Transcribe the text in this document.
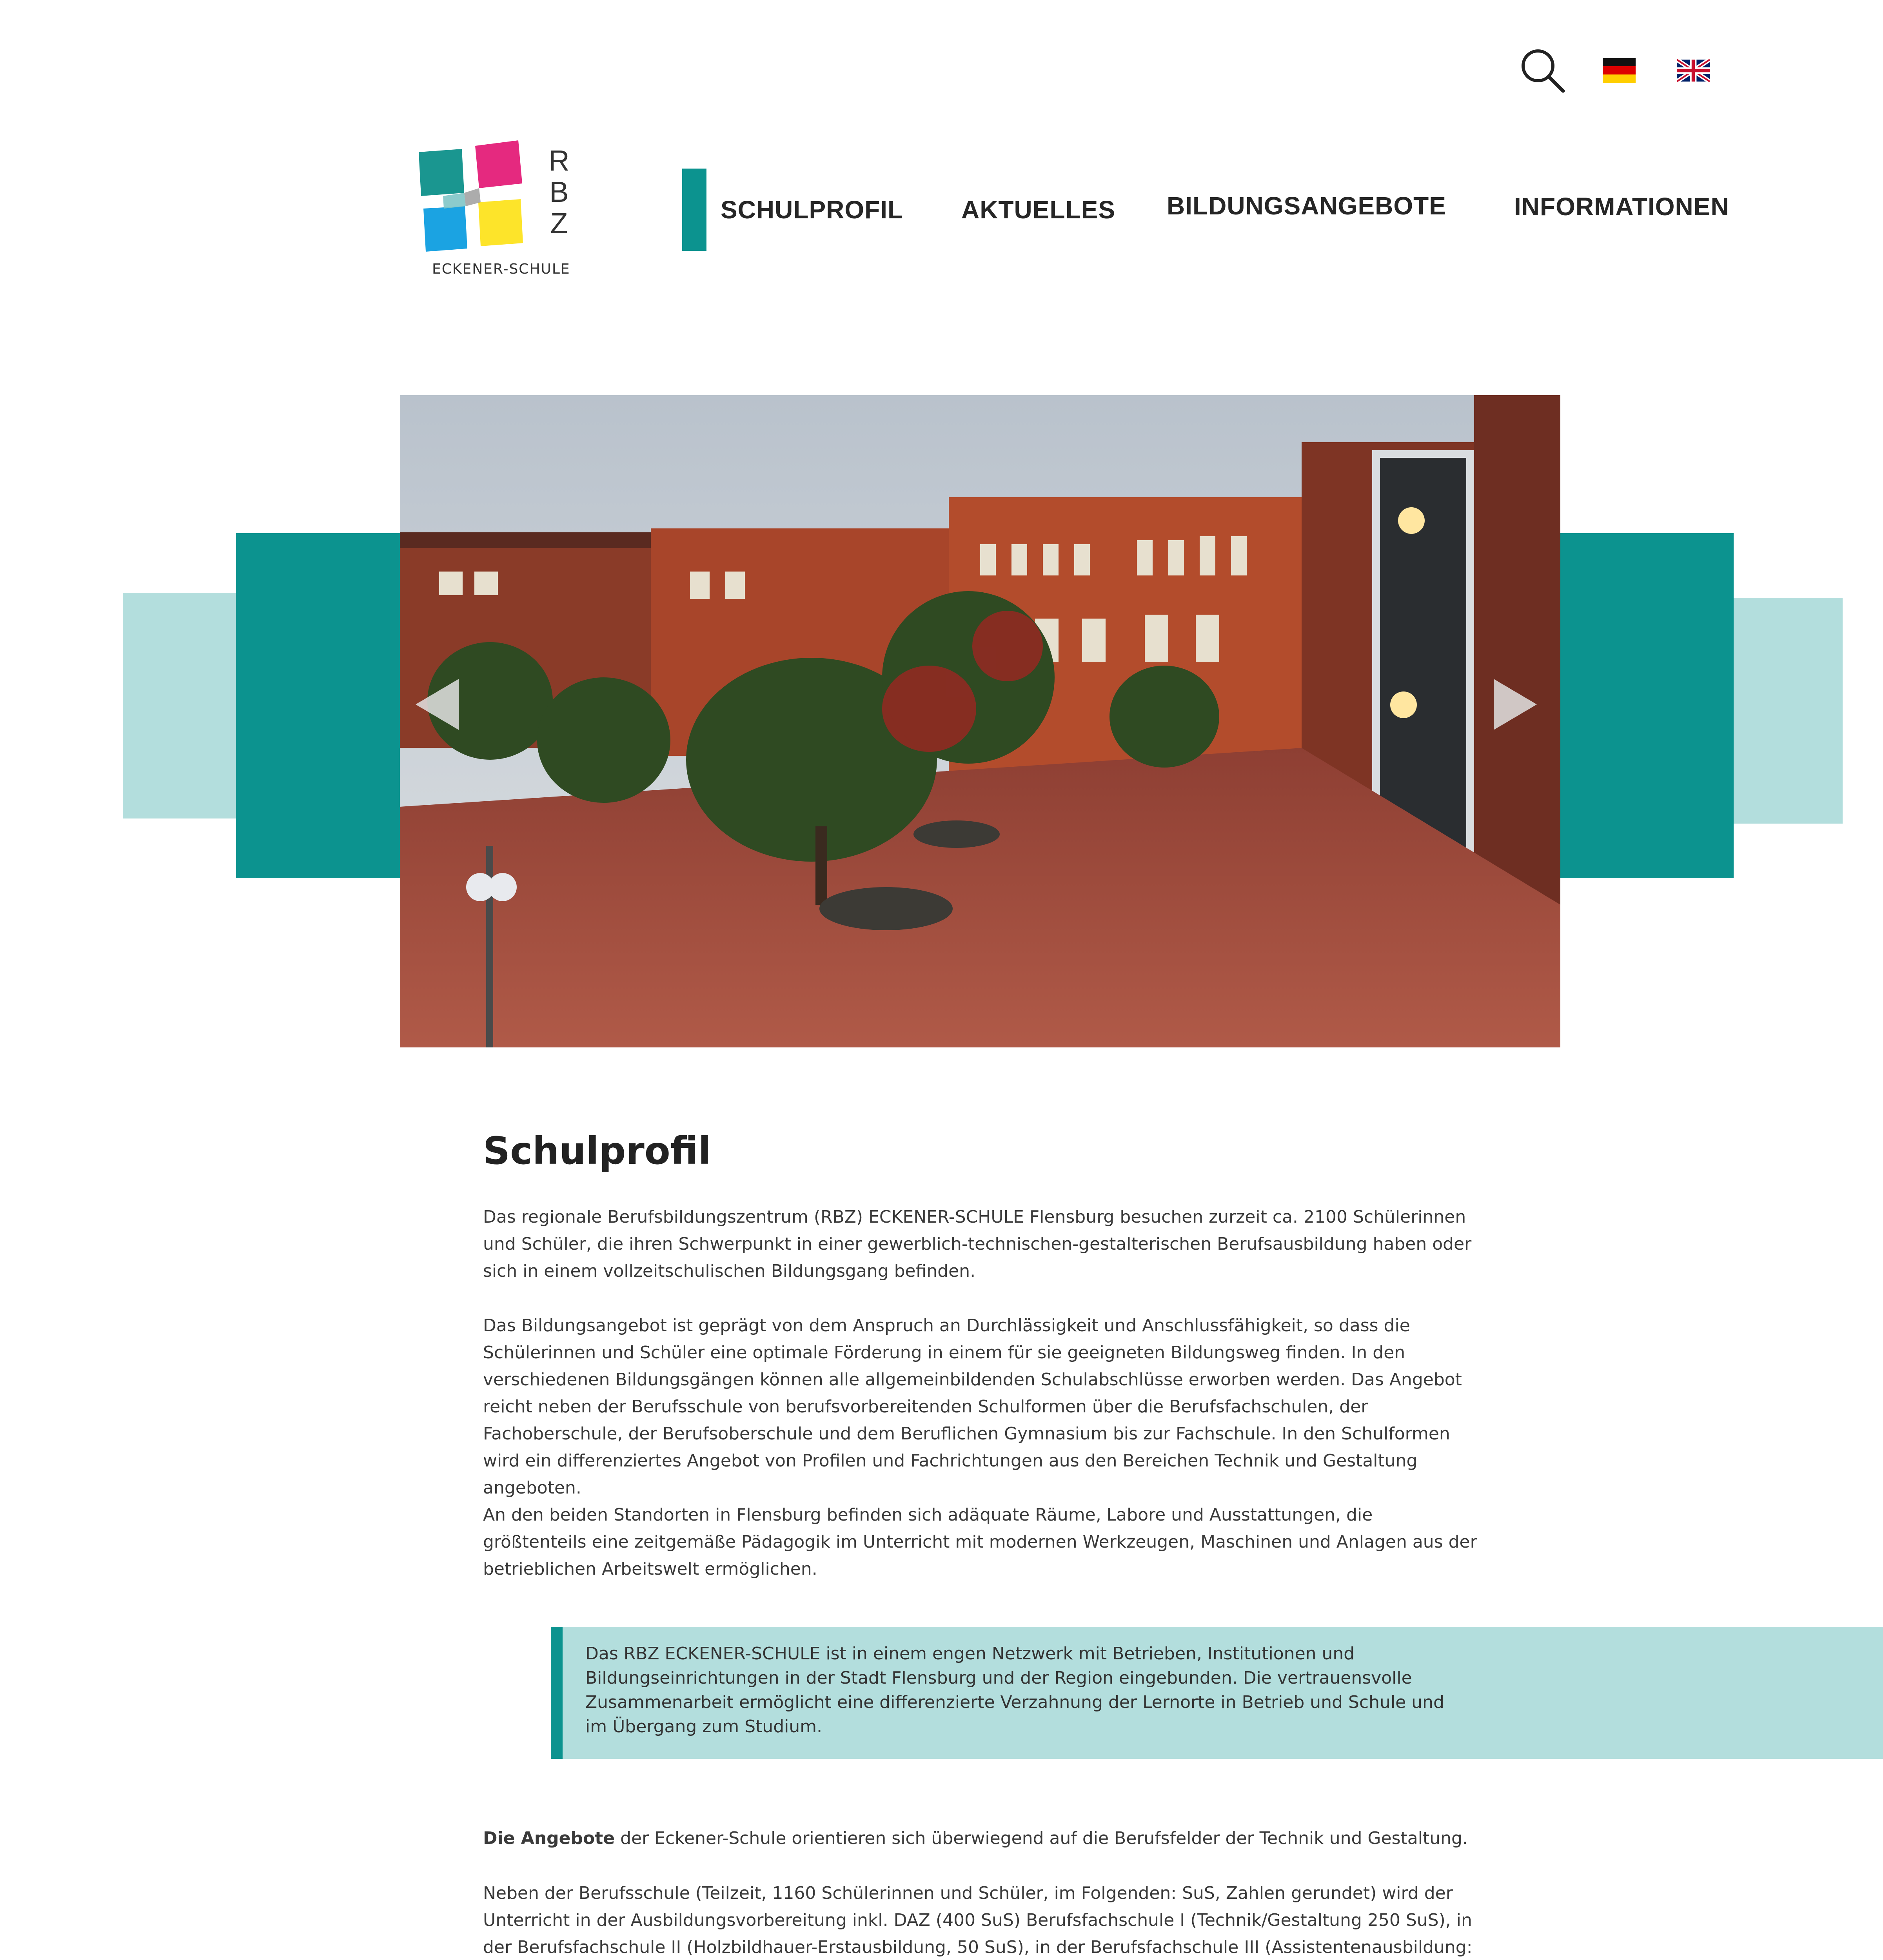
R
B
Z
ECKENER-SCHULE
SCHULPROFIL AKTUELLES BILDUNGSANGEBOTE	INFORMATIONEN
Schulprofil

Das regionale Berufsbildungszentrum (RBZ) ECKENER-SCHULE Flensburg besuchen zurzeit ca. 2100 Schülerinnen und Schüler, die ihren Schwerpunkt in einer gewerblich-technischen-gestalterischen Berufsausbildung haben oder sich in einem vollzeitschulischen Bildungsgang befinden.

Das Bildungsangebot ist geprägt von dem Anspruch an Durchlässigkeit und Anschlussfähigkeit, so dass die Schülerinnen und Schüler eine optimale Förderung in einem für sie geeigneten Bildungsweg finden. In den verschiedenen Bildungsgängen können alle allgemeinbildenden Schulabschlüsse erworben werden. Das Angebot reicht neben der Berufsschule von berufsvorbereitenden Schulformen über die Berufsfachschulen, der Fachoberschule, der Berufsoberschule und dem Beruflichen Gymnasium bis zur Fachschule. In den Schulformen wird ein differenziertes Angebot von Profilen und Fachrichtungen aus den Bereichen Technik und Gestaltung angeboten.

An den beiden Standorten in Flensburg befinden sich adäquate Räume, Labore und Ausstattungen, die größtenteils eine zeitgemäße Pädagogik im Unterricht mit modernen Werkzeugen, Maschinen und Anlagen aus der betrieblichen Arbeitswelt ermöglichen.

Das RBZ ECKENER-SCHULE ist in einem engen Netzwerk mit Betrieben, Institutionen und Bildungseinrichtungen in der Stadt Flensburg und der Region eingebunden. Die vertrauensvolle Zusammenarbeit ermöglicht eine differenzierte Verzahnung der Lernorte in Betrieb und Schule und im Übergang zum Studium.

Die Angebote der Eckener-Schule orientieren sich überwiegend auf die Berufsfelder der Technik und Gestaltung.

Neben der Berufsschule (Teilzeit, 1160 Schülerinnen und Schüler, im Folgenden: SuS, Zahlen gerundet) wird der Unterricht in der Ausbildungsvorbereitung inkl. DAZ (400 SuS) Berufsfachschule I (Technik/Gestaltung 250 SuS), in der Berufsfachschule II (Holzbildhauer-Erstausbildung, 50 SuS), in der Berufsfachschule III (Assistentenausbildung:
